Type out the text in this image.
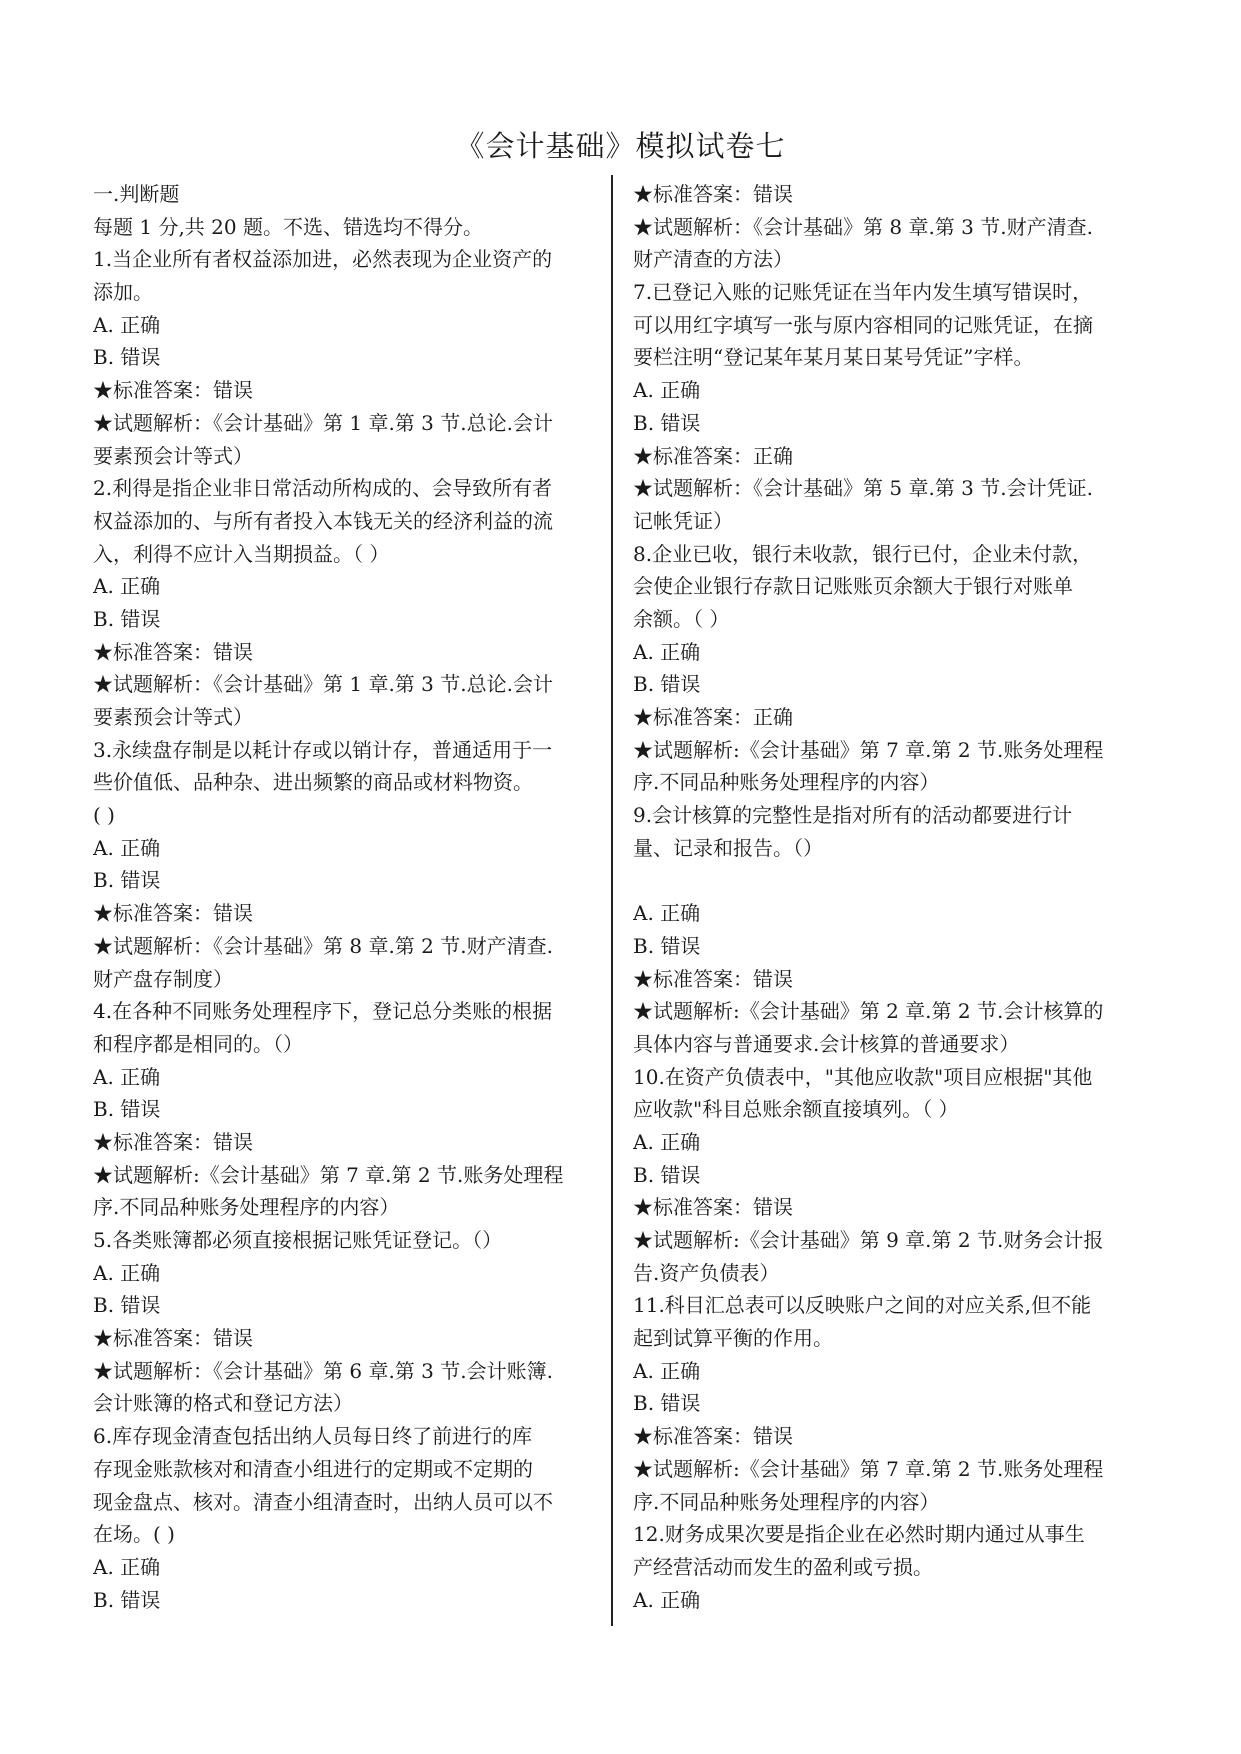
《会计基础》模拟试卷七
一.判断题
每题 1 分,共 20 题。不选、错选均不得分。
1.当企业所有者权益添加进，必然表现为企业资产的
添加。
A. 正确
B. 错误
★标准答案：错误
★试题解析：《会计基础》第 1 章.第 3 节.总论.会计
要素预会计等式）
2.利得是指企业非日常活动所构成的、会导致所有者
权益添加的、与所有者投入本钱无关的经济利益的流
入，利得不应计入当期损益。（ ）
A. 正确
B. 错误
★标准答案：错误
★试题解析：《会计基础》第 1 章.第 3 节.总论.会计
要素预会计等式）
3.永续盘存制是以耗计存或以销计存，普通适用于一
些价值低、品种杂、进出频繁的商品或材料物资。
( )
A. 正确
B. 错误
★标准答案：错误
★试题解析：《会计基础》第 8 章.第 2 节.财产清查.
财产盘存制度）
4.在各种不同账务处理程序下，登记总分类账的根据
和程序都是相同的。（）
A. 正确
B. 错误
★标准答案：错误
★试题解析:《会计基础》第 7 章.第 2 节.账务处理程
序.不同品种账务处理程序的内容）
5.各类账簿都必须直接根据记账凭证登记。（）
A. 正确
B. 错误
★标准答案：错误
★试题解析：《会计基础》第 6 章.第 3 节.会计账簿.
会计账簿的格式和登记方法）
6.库存现金清查包括出纳人员每日终了前进行的库
存现金账款核对和清查小组进行的定期或不定期的
现金盘点、核对。清查小组清查时，出纳人员可以不
在场。( )
A. 正确
B. 错误
★标准答案：错误
★试题解析：《会计基础》第 8 章.第 3 节.财产清查.
财产清查的方法）
7.已登记入账的记账凭证在当年内发生填写错误时，
可以用红字填写一张与原内容相同的记账凭证，在摘
要栏注明“登记某年某月某日某号凭证”字样。
A. 正确
B. 错误
★标准答案：正确
★试题解析：《会计基础》第 5 章.第 3 节.会计凭证.
记帐凭证）
8.企业已收，银行未收款，银行已付，企业未付款，
会使企业银行存款日记账账页余额大于银行对账单
余额。（ ）
A. 正确
B. 错误
★标准答案：正确
★试题解析:《会计基础》第 7 章.第 2 节.账务处理程
序.不同品种账务处理程序的内容）
9.会计核算的完整性是指对所有的活动都要进行计
量、记录和报告。（）
A. 正确
B. 错误
★标准答案：错误
★试题解析:《会计基础》第 2 章.第 2 节.会计核算的
具体内容与普通要求.会计核算的普通要求）
10.在资产负债表中，"其他应收款"项目应根据"其他
应收款"科目总账余额直接填列。（ ）
A. 正确
B. 错误
★标准答案：错误
★试题解析:《会计基础》第 9 章.第 2 节.财务会计报
告.资产负债表）
11.科目汇总表可以反映账户之间的对应关系,但不能
起到试算平衡的作用。
A. 正确
B. 错误
★标准答案：错误
★试题解析:《会计基础》第 7 章.第 2 节.账务处理程
序.不同品种账务处理程序的内容）
12.财务成果次要是指企业在必然时期内通过从事生
产经营活动而发生的盈利或亏损。
A. 正确
